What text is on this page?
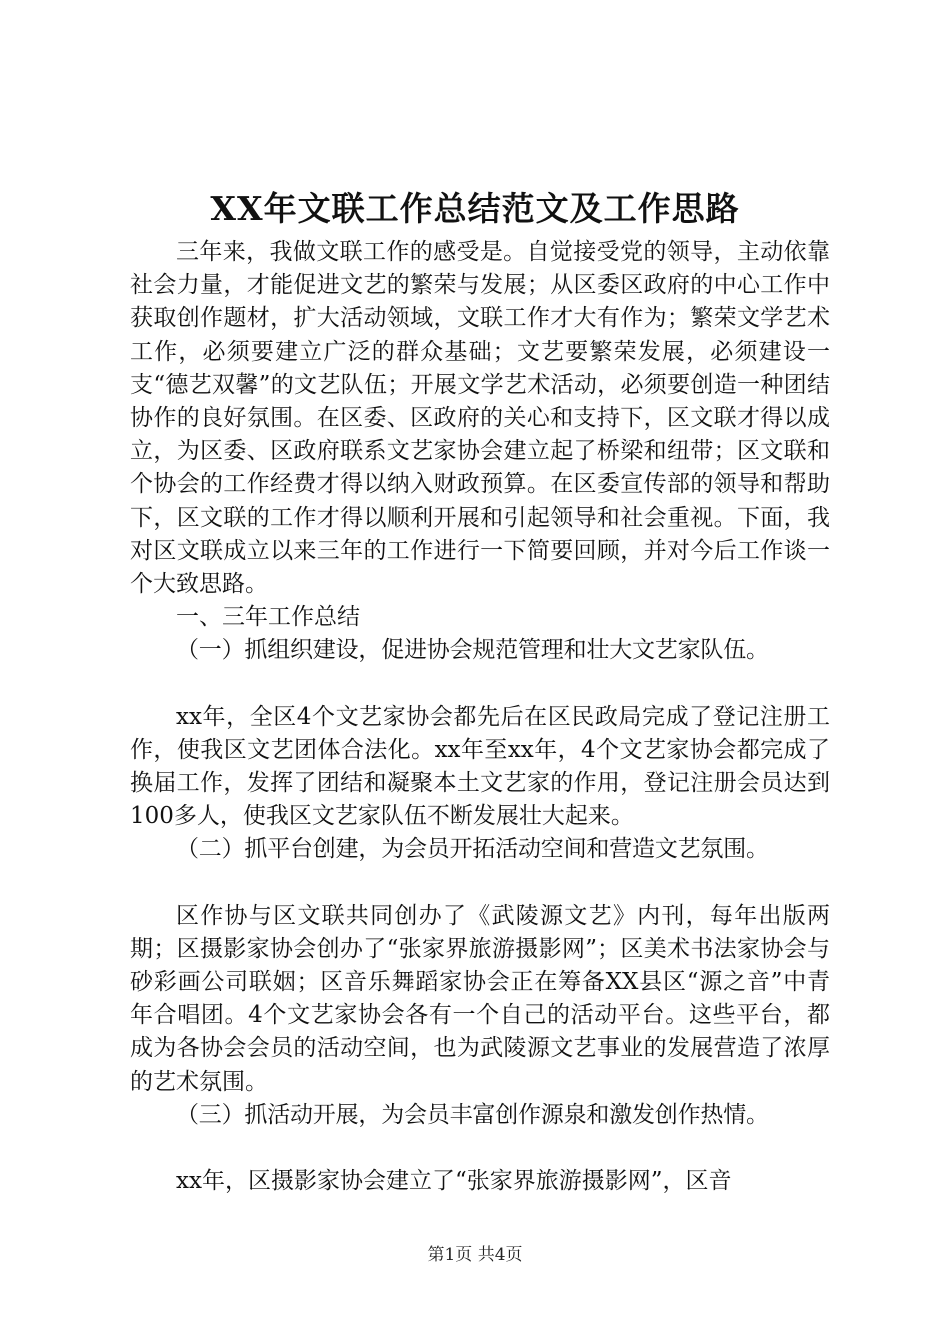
XX年文联工作总结范文及工作思路

三年来，我做文联工作的感受是。自觉接受党的领导，主动依靠社会力量，才能促进文艺的繁荣与发展；从区委区政府的中心工作中获取创作题材，扩大活动领域，文联工作才大有作为；繁荣文学艺术工作，必须要建立广泛的群众基础；文艺要繁荣发展，必须建设一支“德艺双馨”的文艺队伍；开展文学艺术活动，必须要创造一种团结协作的良好氛围。在区委、区政府的关心和支持下，区文联才得以成立，为区委、区政府联系文艺家协会建立起了桥梁和纽带；区文联和个协会的工作经费才得以纳入财政预算。在区委宣传部的领导和帮助下，区文联的工作才得以顺利开展和引起领导和社会重视。下面，我对区文联成立以来三年的工作进行一下简要回顾，并对今后工作谈一个大致思路。

一、三年工作总结

（一）抓组织建设，促进协会规范管理和壮大文艺家队伍。

xx年，全区4个文艺家协会都先后在区民政局完成了登记注册工作，使我区文艺团体合法化。xx年至xx年，4个文艺家协会都完成了换届工作，发挥了团结和凝聚本土文艺家的作用，登记注册会员达到100多人，使我区文艺家队伍不断发展壮大起来。

（二）抓平台创建，为会员开拓活动空间和营造文艺氛围。

区作协与区文联共同创办了《武陵源文艺》内刊，每年出版两期；区摄影家协会创办了“张家界旅游摄影网”；区美术书法家协会与砂彩画公司联姻；区音乐舞蹈家协会正在筹备XX县区“源之音”中青年合唱团。4个文艺家协会各有一个自己的活动平台。这些平台，都成为各协会会员的活动空间，也为武陵源文艺事业的发展营造了浓厚的艺术氛围。

（三）抓活动开展，为会员丰富创作源泉和激发创作热情。

xx年，区摄影家协会建立了“张家界旅游摄影网”，区音

第1页 共4页
